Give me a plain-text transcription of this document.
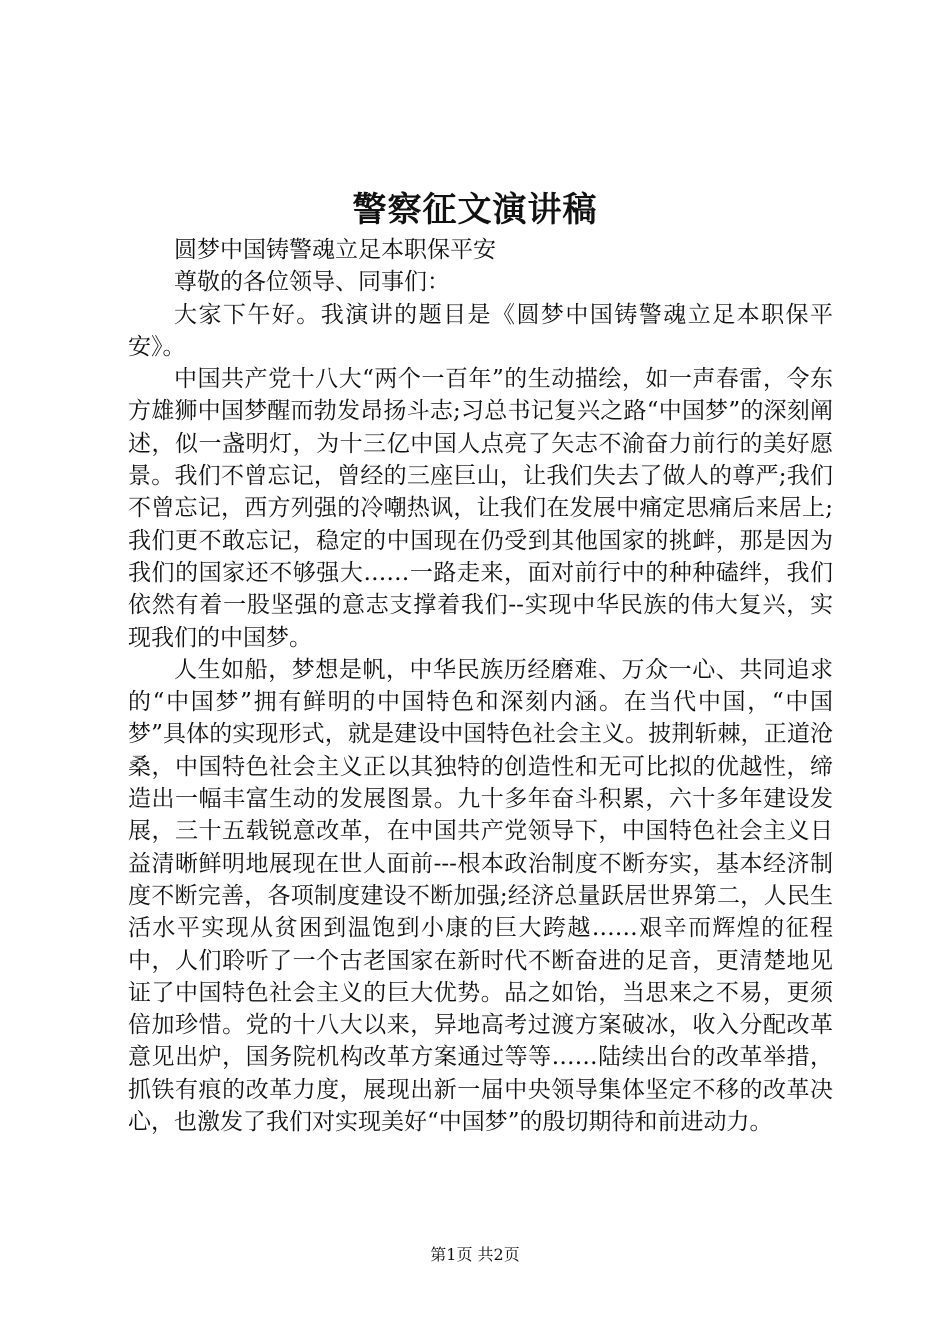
警察征文演讲稿

圆梦中国铸警魂立足本职保平安

尊敬的各位领导、同事们：

大家下午好。我演讲的题目是《圆梦中国铸警魂立足本职保平安》。

中国共产党十八大“两个一百年”的生动描绘，如一声春雷，令东方雄狮中国梦醒而勃发昂扬斗志;习总书记复兴之路“中国梦”的深刻阐述，似一盏明灯，为十三亿中国人点亮了矢志不渝奋力前行的美好愿景。我们不曾忘记，曾经的三座巨山，让我们失去了做人的尊严;我们不曾忘记，西方列强的冷嘲热讽，让我们在发展中痛定思痛后来居上;我们更不敢忘记，稳定的中国现在仍受到其他国家的挑衅，那是因为我们的国家还不够强大……一路走来，面对前行中的种种磕绊，我们依然有着一股坚强的意志支撑着我们--实现中华民族的伟大复兴，实现我们的中国梦。

人生如船，梦想是帆，中华民族历经磨难、万众一心、共同追求的“中国梦”拥有鲜明的中国特色和深刻内涵。在当代中国，“中国梦”具体的实现形式，就是建设中国特色社会主义。披荆斩棘，正道沧桑，中国特色社会主义正以其独特的创造性和无可比拟的优越性，缔造出一幅丰富生动的发展图景。九十多年奋斗积累，六十多年建设发展，三十五载锐意改革，在中国共产党领导下，中国特色社会主义日益清晰鲜明地展现在世人面前---根本政治制度不断夯实，基本经济制度不断完善，各项制度建设不断加强;经济总量跃居世界第二，人民生活水平实现从贫困到温饱到小康的巨大跨越……艰辛而辉煌的征程中，人们聆听了一个古老国家在新时代不断奋进的足音，更清楚地见证了中国特色社会主义的巨大优势。品之如饴，当思来之不易，更须倍加珍惜。党的十八大以来，异地高考过渡方案破冰，收入分配改革意见出炉，国务院机构改革方案通过等等……陆续出台的改革举措，抓铁有痕的改革力度，展现出新一届中央领导集体坚定不移的改革决心，也激发了我们对实现美好“中国梦”的殷切期待和前进动力。

第1页 共2页
